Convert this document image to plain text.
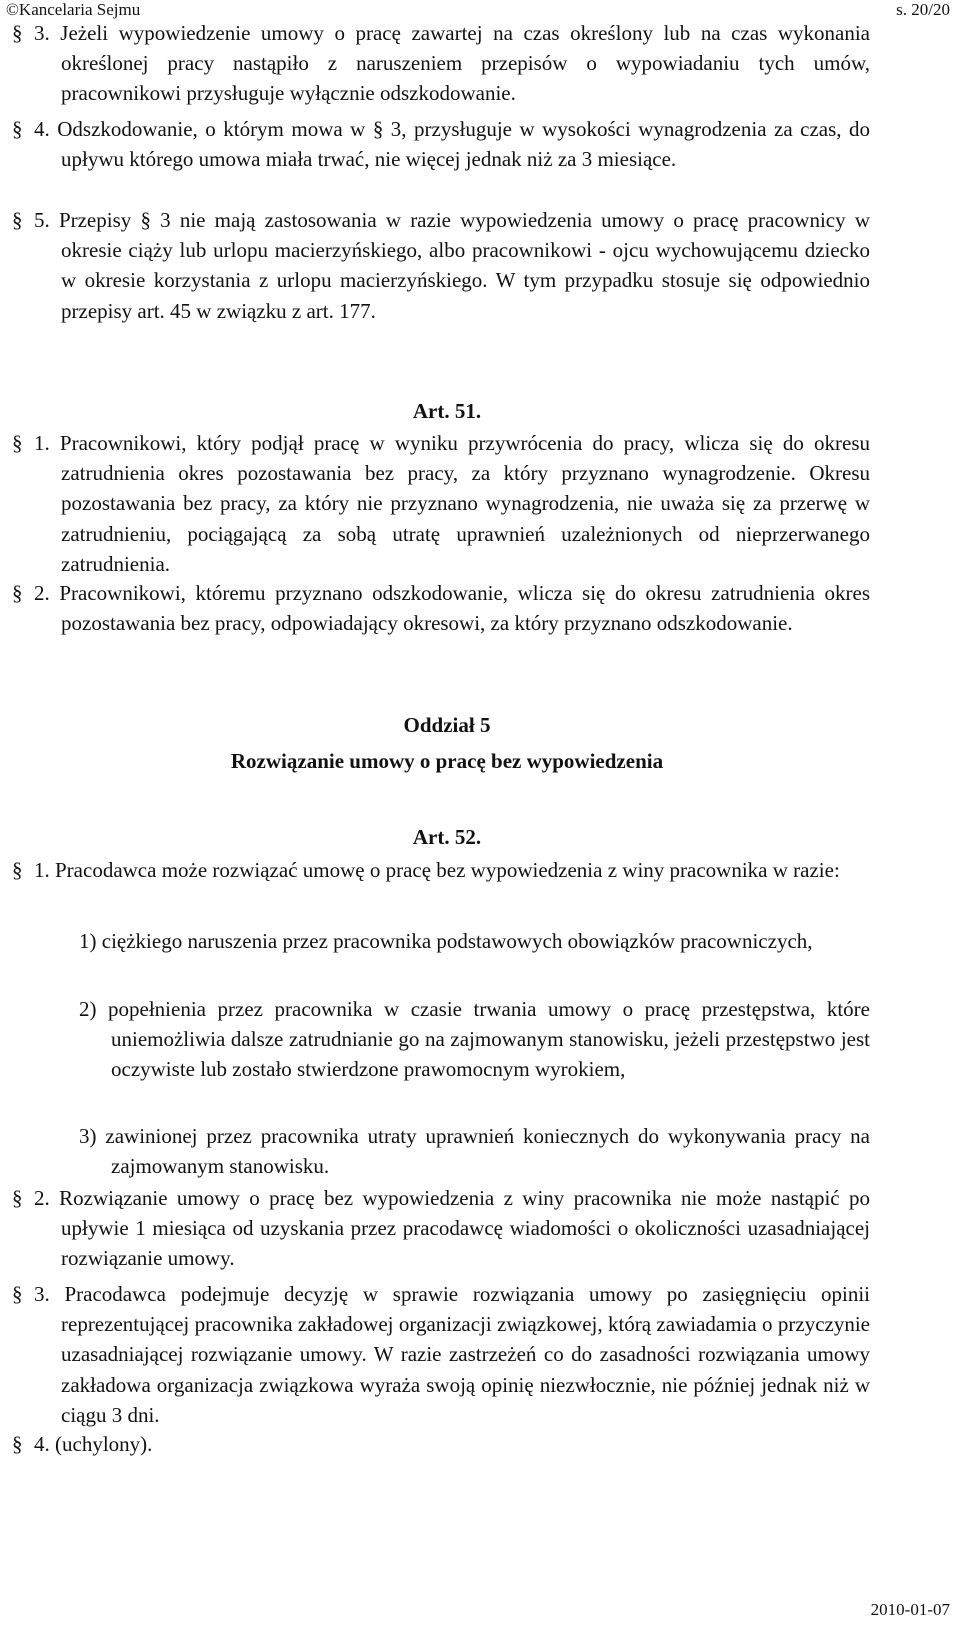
©Kancelaria Sejmu	s. 20/20
§ 3. Jeżeli wypowiedzenie umowy o pracę zawartej na czas określony lub na czas wykonania określonej pracy nastąpiło z naruszeniem przepisów o wypowiadaniu tych umów, pracownikowi przysługuje wyłącznie odszkodowanie.
§ 4. Odszkodowanie, o którym mowa w § 3, przysługuje w wysokości wynagrodzenia za czas, do upływu którego umowa miała trwać, nie więcej jednak niż za 3 miesiące.
§ 5. Przepisy § 3 nie mają zastosowania w razie wypowiedzenia umowy o pracę pracownicy w okresie ciąży lub urlopu macierzyńskiego, albo pracownikowi - ojcu wychowującemu dziecko w okresie korzystania z urlopu macierzyńskiego. W tym przypadku stosuje się odpowiednio przepisy art. 45 w związku z art. 177.
Art. 51.
§ 1. Pracownikowi, który podjął pracę w wyniku przywrócenia do pracy, wlicza się do okresu zatrudnienia okres pozostawania bez pracy, za który przyznano wynagrodzenie. Okresu pozostawania bez pracy, za który nie przyznano wynagrodzenia, nie uważa się za przerwę w zatrudnieniu, pociągającą za sobą utratę uprawnień uzależnionych od nieprzerwanego zatrudnienia.
§ 2. Pracownikowi, któremu przyznano odszkodowanie, wlicza się do okresu zatrudnienia okres pozostawania bez pracy, odpowiadający okresowi, za który przyznano odszkodowanie.
Oddział 5
Rozwiązanie umowy o pracę bez wypowiedzenia
Art. 52.
§ 1. Pracodawca może rozwiązać umowę o pracę bez wypowiedzenia z winy pracownika w razie:
1) ciężkiego naruszenia przez pracownika podstawowych obowiązków pracowniczych,
2) popełnienia przez pracownika w czasie trwania umowy o pracę przestępstwa, które uniemożliwia dalsze zatrudnianie go na zajmowanym stanowisku, jeżeli przestępstwo jest oczywiste lub zostało stwierdzone prawomocnym wyrokiem,
3) zawinionej przez pracownika utraty uprawnień koniecznych do wykonywania pracy na zajmowanym stanowisku.
§ 2. Rozwiązanie umowy o pracę bez wypowiedzenia z winy pracownika nie może nastąpić po upływie 1 miesiąca od uzyskania przez pracodawcę wiadomości o okoliczności uzasadniającej rozwiązanie umowy.
§ 3. Pracodawca podejmuje decyzję w sprawie rozwiązania umowy po zasięgnięciu opinii reprezentującej pracownika zakładowej organizacji związkowej, którą zawiadamia o przyczynie uzasadniającej rozwiązanie umowy. W razie zastrzeżeń co do zasadności rozwiązania umowy zakładowa organizacja związkowa wyraża swoją opinię niezwłocznie, nie później jednak niż w ciągu 3 dni.
§ 4. (uchylony).
2010-01-07
